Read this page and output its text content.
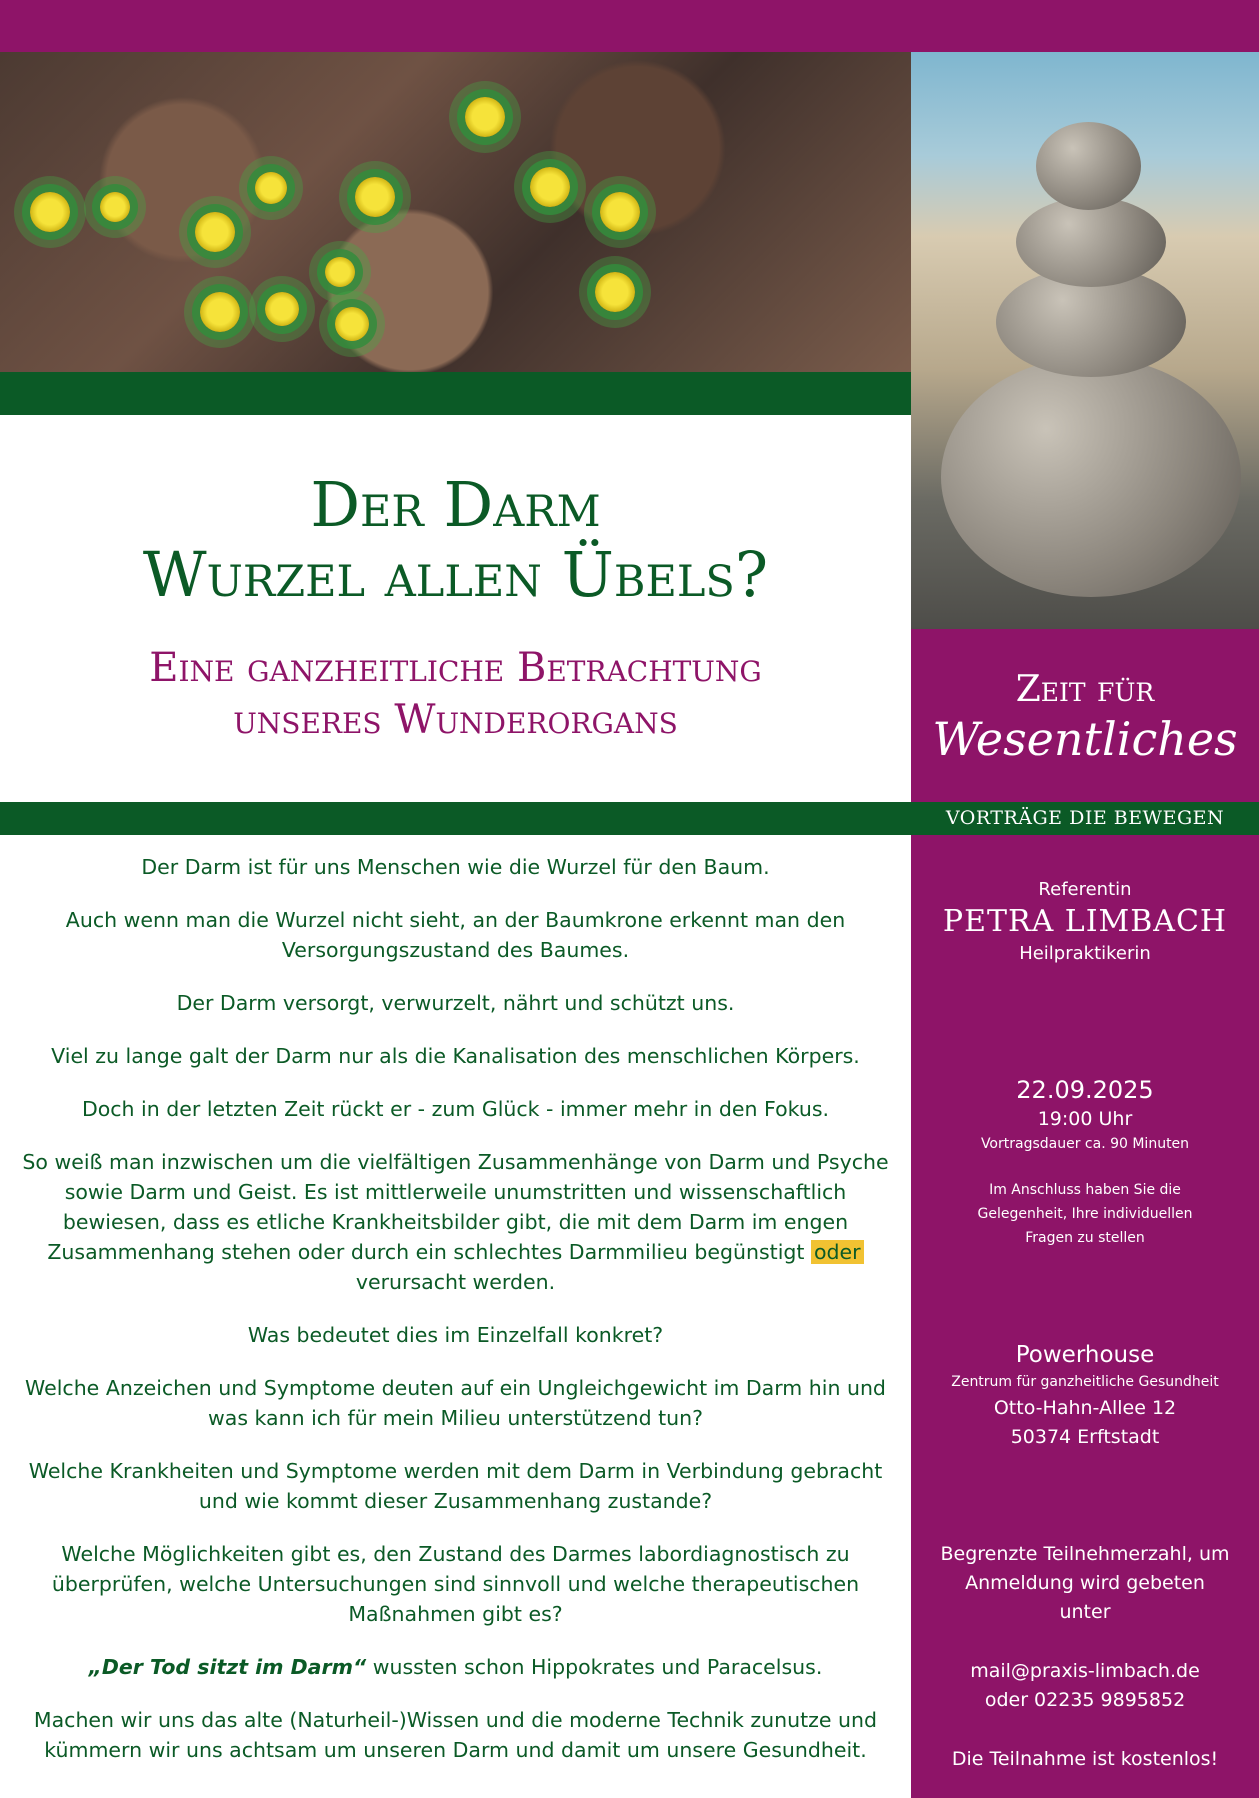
Der Darm
Wurzel allen Übels?
Eine ganzheitliche Betrachtung
unseres Wunderorgans
Zeit für
Wesentliches
VORTRÄGE DIE BEWEGEN

Der Darm ist für uns Menschen wie die Wurzel für den Baum.

Auch wenn man die Wurzel nicht sieht, an der Baumkrone erkennt man den Versorgungszustand des Baumes.

Der Darm versorgt, verwurzelt, nährt und schützt uns.

Viel zu lange galt der Darm nur als die Kanalisation des menschlichen Körpers.

Doch in der letzten Zeit rückt er - zum Glück - immer mehr in den Fokus.

So weiß man inzwischen um die vielfältigen Zusammenhänge von Darm und Psyche sowie Darm und Geist. Es ist mittlerweile unumstritten und wissenschaftlich bewiesen, dass es etliche Krankheitsbilder gibt, die mit dem Darm im engen Zusammenhang stehen oder durch ein schlechtes Darmmilieu begünstigt oder verursacht werden.

Was bedeutet dies im Einzelfall konkret?

Welche Anzeichen und Symptome deuten auf ein Ungleichgewicht im Darm hin und was kann ich für mein Milieu unterstützend tun?

Welche Krankheiten und Symptome werden mit dem Darm in Verbindung gebracht und wie kommt dieser Zusammenhang zustande?

Welche Möglichkeiten gibt es, den Zustand des Darmes labordiagnostisch zu überprüfen, welche Untersuchungen sind sinnvoll und welche therapeutischen Maßnahmen gibt es?

„Der Tod sitzt im Darm“ wussten schon Hippokrates und Paracelsus.

Machen wir uns das alte (Naturheil-)Wissen und die moderne Technik zunutze und kümmern wir uns achtsam um unseren Darm und damit um unsere Gesundheit.

Referentin
PETRA LIMBACH
Heilpraktikerin
22.09.2025
19:00 Uhr
Vortragsdauer ca. 90 Minuten
Im Anschluss haben Sie die Gelegenheit, Ihre individuellen Fragen zu stellen
Powerhouse
Zentrum für ganzheitliche Gesundheit
Otto-Hahn-Allee 12
50374 Erftstadt
Begrenzte Teilnehmerzahl, um Anmeldung wird gebeten unter
mail@praxis-limbach.de
oder 02235 9895852
Die Teilnahme ist kostenlos!
